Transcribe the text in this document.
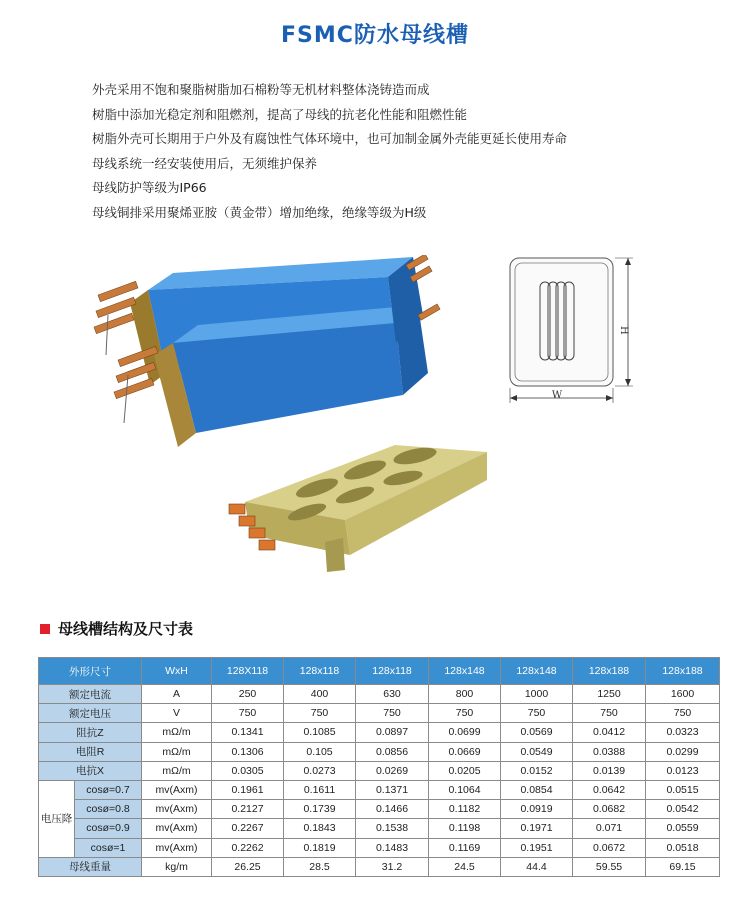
FSMC防水母线槽
外壳采用不饱和聚脂树脂加石棉粉等无机材料整体浇铸造而成
树脂中添加光稳定剂和阻燃剂，提高了母线的抗老化性能和阻燃性能
树脂外壳可长期用于户外及有腐蚀性气体环境中，也可加制金属外壳能更延长使用寿命
母线系统一经安装使用后，无须维护保养
母线防护等级为IP66
母线铜排采用聚烯亚胺（黄金带）增加绝缘，绝缘等级为H级
H
W
母线槽结构及尺寸表
外形尺寸		WxH	128X118	128x118	128x118	128x148	128x148	128x188	128x188
额定电流		A	250	400	630	800	1000	1250	1600
额定电压		V	750	750	750	750	750	750	750
阻抗Z		mΩ/m	0.1341	0.1085	0.0897	0.0699	0.0569	0.0412	0.0323
电阻R		mΩ/m	0.1306	0.105	0.0856	0.0669	0.0549	0.0388	0.0299
电抗X		mΩ/m	0.0305	0.0273	0.0269	0.0205	0.0152	0.0139	0.0123
电压降	cosø=0.7	mv(Axm)	0.1961	0.1611	0.1371	0.1064	0.0854	0.0642	0.0515
	cosø=0.8	mv(Axm)	0.2127	0.1739	0.1466	0.1182	0.0919	0.0682	0.0542
	cosø=0.9	mv(Axm)	0.2267	0.1843	0.1538	0.1198	0.1971	0.071	0.0559
	cosø=1	mv(Axm)	0.2262	0.1819	0.1483	0.1169	0.1951	0.0672	0.0518
母线重量		kg/m	26.25	28.5	31.2	24.5	44.4	59.55	69.15
